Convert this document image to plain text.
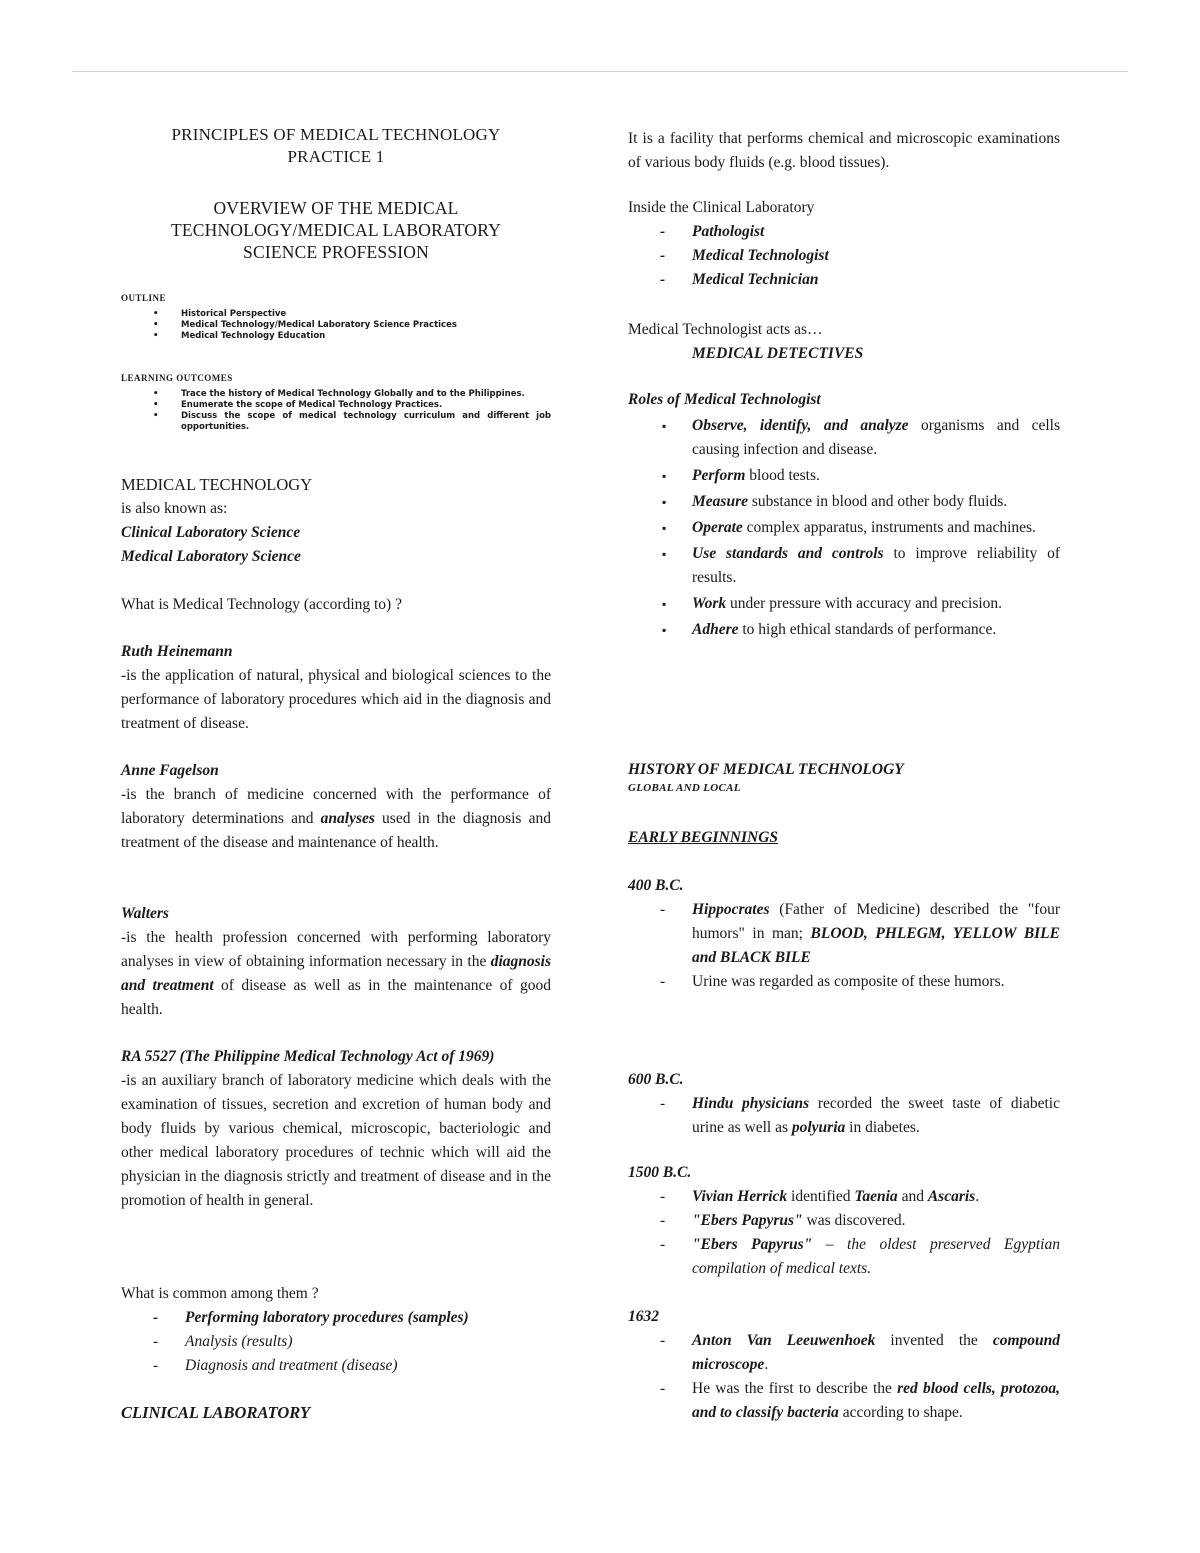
PRINCIPLES OF MEDICAL TECHNOLOGY
PRACTICE 1
OVERVIEW OF THE MEDICAL
TECHNOLOGY/MEDICAL LABORATORY
SCIENCE PROFESSION
OUTLINE
• Historical Perspective
• Medical Technology/Medical Laboratory Science Practices
• Medical Technology Education
LEARNING OUTCOMES
• Trace the history of Medical Technology Globally and to the Philippines.
• Enumerate the scope of Medical Technology Practices.
• Discuss the scope of medical technology curriculum and different job opportunities.
MEDICAL TECHNOLOGY
is also known as:
Clinical Laboratory Science
Medical Laboratory Science

What is Medical Technology (according to) ?

Ruth Heinemann

-is the application of natural, physical and biological sciences to the performance of laboratory procedures which aid in the diagnosis and treatment of disease.

Anne Fagelson

-is the branch of medicine concerned with the performance of laboratory determinations and analyses used in the diagnosis and treatment of the disease and maintenance of health.

Walters

-is the health profession concerned with performing laboratory analyses in view of obtaining information necessary in the diagnosis and treatment of disease as well as in the maintenance of good health.

RA 5527 (The Philippine Medical Technology Act of 1969)

-is an auxiliary branch of laboratory medicine which deals with the examination of tissues, secretion and excretion of human body and body fluids by various chemical, microscopic, bacteriologic and other medical laboratory procedures of technic which will aid the physician in the diagnosis strictly and treatment of disease and in the promotion of health in general.

What is common among them ?

- Performing laboratory procedures (samples)
- Analysis (results)
- Diagnosis and treatment (disease)
CLINICAL LABORATORY

It is a facility that performs chemical and microscopic examinations of various body fluids (e.g. blood tissues).

Inside the Clinical Laboratory

- Pathologist
- Medical Technologist
- Medical Technician

Medical Technologist acts as…

MEDICAL DETECTIVES

Roles of Medical Technologist
▪ Observe, identify, and analyze organisms and cells causing infection and disease.
▪ Perform blood tests.
▪ Measure substance in blood and other body fluids.
▪ Operate complex apparatus, instruments and machines.
▪ Use standards and controls to improve reliability of results.
▪ Work under pressure with accuracy and precision.
▪ Adhere to high ethical standards of performance.
HISTORY OF MEDICAL TECHNOLOGY
GLOBAL AND LOCAL
EARLY BEGINNINGS
400 B.C.
- Hippocrates (Father of Medicine) described the "four humors" in man; BLOOD, PHLEGM, YELLOW BILE and BLACK BILE
- Urine was regarded as composite of these humors.
600 B.C.
- Hindu physicians recorded the sweet taste of diabetic urine as well as polyuria in diabetes.
1500 B.C.
- Vivian Herrick identified Taenia and Ascaris.
- "Ebers Papyrus" was discovered.
- "Ebers Papyrus" – the oldest preserved Egyptian compilation of medical texts.
1632
- Anton Van Leeuwenhoek invented the compound microscope.
- He was the first to describe the red blood cells, protozoa, and to classify bacteria according to shape.
